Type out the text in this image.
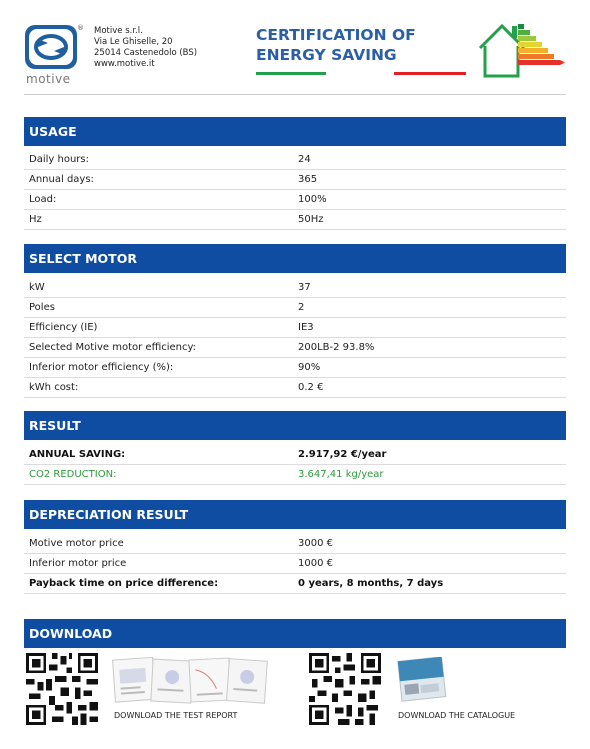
®
motive
Motive s.r.l.
Via Le Ghiselle, 20
25014 Castenedolo (BS)
www.motive.it
CERTIFICATION OF
ENERGY SAVING
USAGE
Daily hours:	24
Annual days:	365
Load:	100%
Hz	50Hz
SELECT MOTOR
kW	37
Poles	2
Efficiency (IE)	IE3
Selected Motive motor efficiency:	200LB-2 93.8%
Inferior motor efficiency (%):	90%
kWh cost:	0.2 €
RESULT
ANNUAL SAVING:	2.917,92 €/year
CO2 REDUCTION:	3.647,41 kg/year
DEPRECIATION RESULT
Motive motor price	3000 €
Inferior motor price	1000 €
Payback time on price difference:	0 years, 8 months, 7 days
DOWNLOAD
DOWNLOAD THE TEST REPORT	DOWNLOAD THE CATALOGUE
